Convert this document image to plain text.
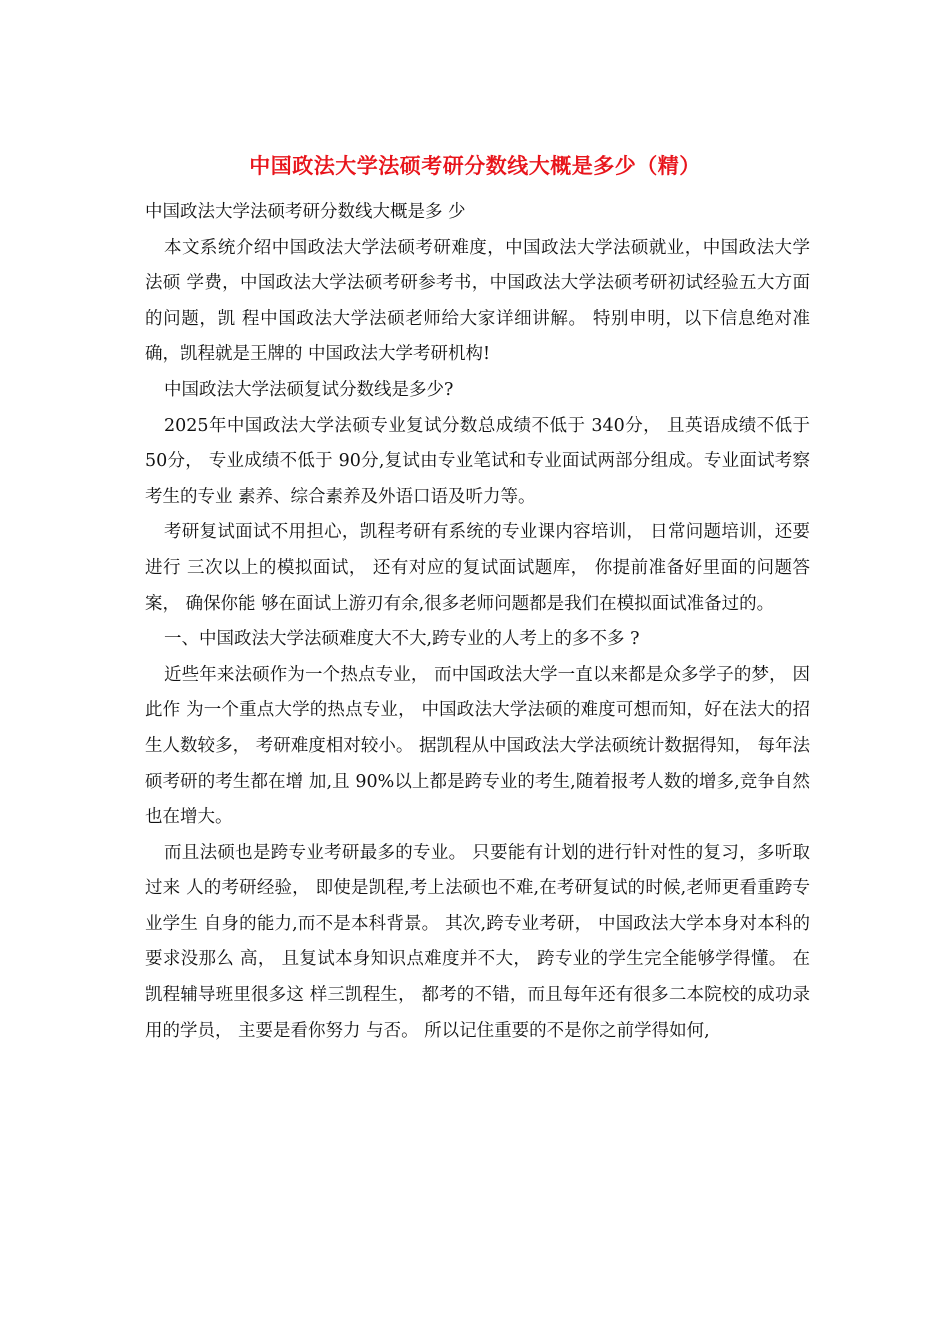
中国政法大学法硕考研分数线大概是多少（精）

中国政法大学法硕考研分数线大概是多 少

本文系统介绍中国政法大学法硕考研难度，中国政法大学法硕就业，中国政法大学法硕 学费，中国政法大学法硕考研参考书，中国政法大学法硕考研初试经验五大方面的问题，凯 程中国政法大学法硕老师给大家详细讲解。 特别申明，以下信息绝对准确，凯程就是王牌的 中国政法大学考研机构!

中国政法大学法硕复试分数线是多少?

2025年中国政法大学法硕专业复试分数总成绩不低于 340分， 且英语成绩不低于 50分， 专业成绩不低于 90分,复试由专业笔试和专业面试两部分组成。专业面试考察考生的专业 素养、综合素养及外语口语及听力等。

考研复试面试不用担心，凯程考研有系统的专业课内容培训， 日常问题培训，还要进行 三次以上的模拟面试， 还有对应的复试面试题库， 你提前准备好里面的问题答案， 确保你能 够在面试上游刃有余,很多老师问题都是我们在模拟面试准备过的。

一、中国政法大学法硕难度大不大,跨专业的人考上的多不多 ?

近些年来法硕作为一个热点专业， 而中国政法大学一直以来都是众多学子的梦， 因此作 为一个重点大学的热点专业， 中国政法大学法硕的难度可想而知，好在法大的招生人数较多， 考研难度相对较小。 据凯程从中国政法大学法硕统计数据得知， 每年法硕考研的考生都在增 加,且 90%以上都是跨专业的考生,随着报考人数的增多,竞争自然也在增大。

而且法硕也是跨专业考研最多的专业。 只要能有计划的进行针对性的复习，多听取过来 人的考研经验， 即使是凯程,考上法硕也不难,在考研复试的时候,老师更看重跨专业学生 自身的能力,而不是本科背景。 其次,跨专业考研， 中国政法大学本身对本科的要求没那么 高， 且复试本身知识点难度并不大， 跨专业的学生完全能够学得懂。 在凯程辅导班里很多这 样三凯程生， 都考的不错，而且每年还有很多二本院校的成功录用的学员， 主要是看你努力 与否。 所以记住重要的不是你之前学得如何,
